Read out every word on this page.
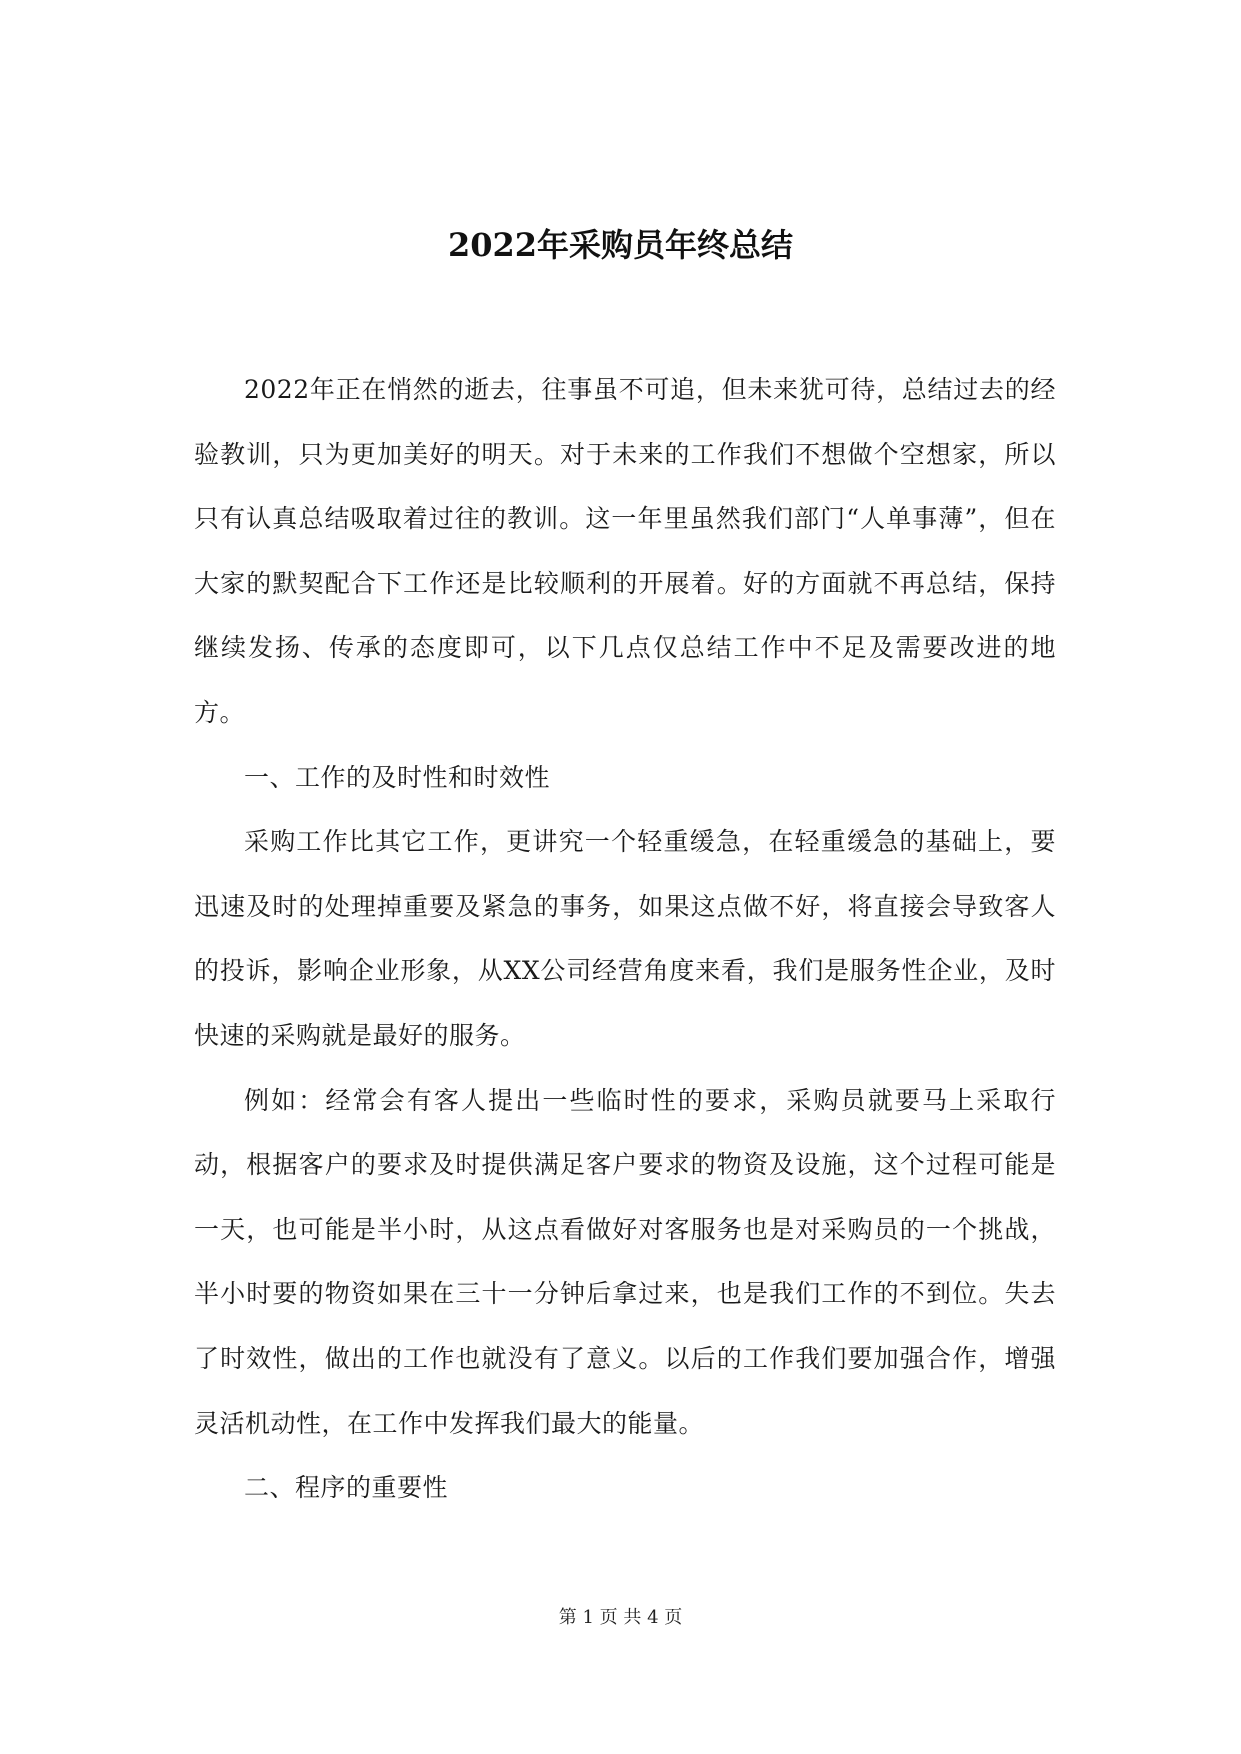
2022年采购员年终总结

2022年正在悄然的逝去，往事虽不可追，但未来犹可待，总结过去的经验教训，只为更加美好的明天。对于未来的工作我们不想做个空想家，所以只有认真总结吸取着过往的教训。这一年里虽然我们部门“人单事薄”，但在大家的默契配合下工作还是比较顺利的开展着。好的方面就不再总结，保持继续发扬、传承的态度即可，以下几点仅总结工作中不足及需要改进的地方。

一、工作的及时性和时效性

采购工作比其它工作，更讲究一个轻重缓急，在轻重缓急的基础上，要迅速及时的处理掉重要及紧急的事务，如果这点做不好，将直接会导致客人的投诉，影响企业形象，从XX公司经营角度来看，我们是服务性企业，及时快速的采购就是最好的服务。

例如：经常会有客人提出一些临时性的要求，采购员就要马上采取行动，根据客户的要求及时提供满足客户要求的物资及设施，这个过程可能是一天，也可能是半小时，从这点看做好对客服务也是对采购员的一个挑战，半小时要的物资如果在三十一分钟后拿过来，也是我们工作的不到位。失去了时效性，做出的工作也就没有了意义。以后的工作我们要加强合作，增强灵活机动性，在工作中发挥我们最大的能量。

二、程序的重要性

第 1 页 共 4 页
